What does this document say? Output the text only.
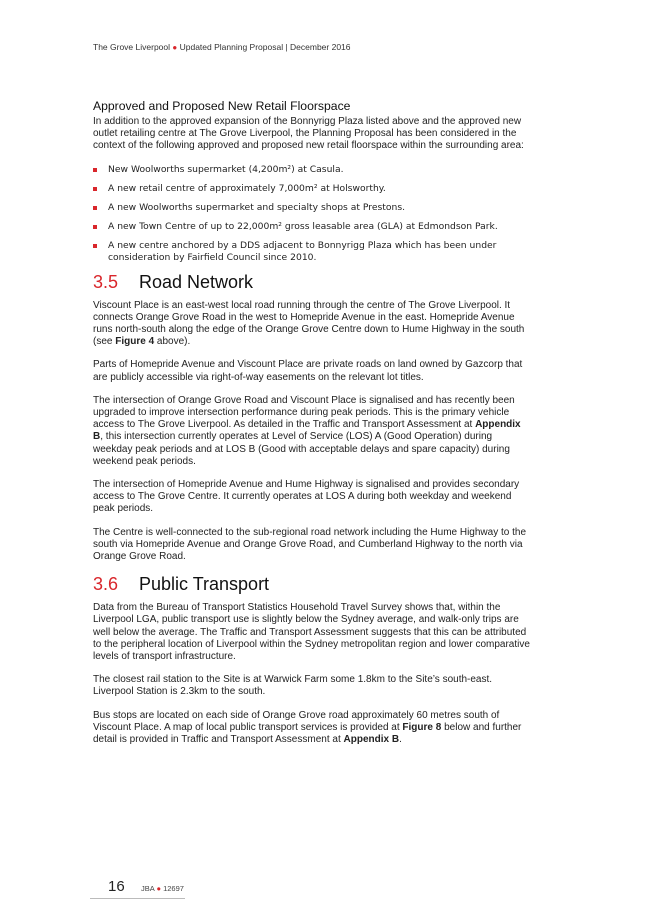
The Grove Liverpool ● Updated Planning Proposal | December 2016
Approved and Proposed New Retail Floorspace

In addition to the approved expansion of the Bonnyrigg Plaza listed above and the approved new outlet retailing centre at The Grove Liverpool, the Planning Proposal has been considered in the context of the following approved and proposed new retail floorspace within the surrounding area:

New Woolworths supermarket (4,200m²) at Casula.
A new retail centre of approximately 7,000m² at Holsworthy.
A new Woolworths supermarket and specialty shops at Prestons.
A new Town Centre of up to 22,000m² gross leasable area (GLA) at Edmondson Park.
A new centre anchored by a DDS adjacent to Bonnyrigg Plaza which has been under consideration by Fairfield Council since 2010.
3.5 Road Network

Viscount Place is an east-west local road running through the centre of The Grove Liverpool. It connects Orange Grove Road in the west to Homepride Avenue in the east. Homepride Avenue runs north-south along the edge of the Orange Grove Centre down to Hume Highway in the south (see Figure 4 above).

Parts of Homepride Avenue and Viscount Place are private roads on land owned by Gazcorp that are publicly accessible via right-of-way easements on the relevant lot titles.

The intersection of Orange Grove Road and Viscount Place is signalised and has recently been upgraded to improve intersection performance during peak periods. This is the primary vehicle access to The Grove Liverpool. As detailed in the Traffic and Transport Assessment at Appendix B, this intersection currently operates at Level of Service (LOS) A (Good Operation) during weekday peak periods and at LOS B (Good with acceptable delays and spare capacity) during weekend peak periods.

The intersection of Homepride Avenue and Hume Highway is signalised and provides secondary access to The Grove Centre. It currently operates at LOS A during both weekday and weekend peak periods.

The Centre is well-connected to the sub-regional road network including the Hume Highway to the south via Homepride Avenue and Orange Grove Road, and Cumberland Highway to the north via Orange Grove Road.

3.6 Public Transport

Data from the Bureau of Transport Statistics Household Travel Survey shows that, within the Liverpool LGA, public transport use is slightly below the Sydney average, and walk-only trips are well below the average. The Traffic and Transport Assessment suggests that this can be attributed to the peripheral location of Liverpool within the Sydney metropolitan region and lower comparative levels of transport infrastructure.

The closest rail station to the Site is at Warwick Farm some 1.8km to the Site’s south-east. Liverpool Station is 2.3km to the south.

Bus stops are located on each side of Orange Grove road approximately 60 metres south of Viscount Place. A map of local public transport services is provided at Figure 8 below and further detail is provided in Traffic and Transport Assessment at Appendix B.

16 JBA ● 12697
